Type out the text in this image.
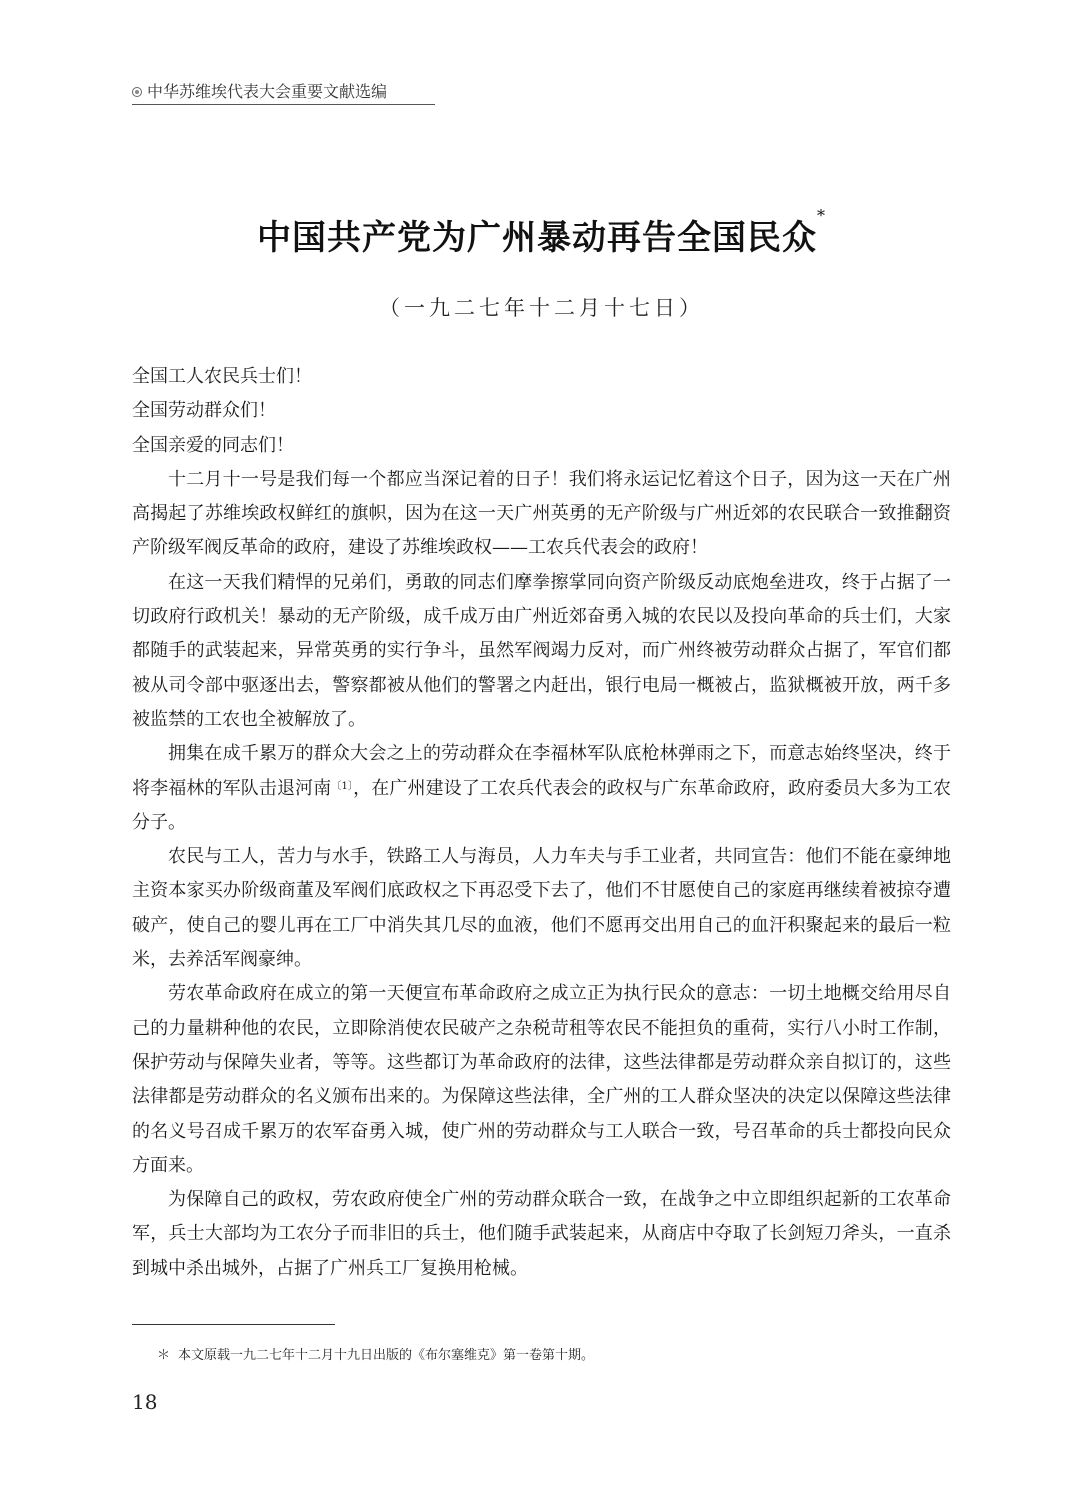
中华苏维埃代表大会重要文献选编
中国共产党为广州暴动再告全国民众*
（一九二七年十二月十七日）

全国工人农民兵士们！

全国劳动群众们！

全国亲爱的同志们！

十二月十一号是我们每一个都应当深记着的日子！我们将永运记忆着这个日子，因为这一天在广州高揭起了苏维埃政权鲜红的旗帜，因为在这一天广州英勇的无产阶级与广州近郊的农民联合一致推翻资产阶级军阀反革命的政府，建设了苏维埃政权——工农兵代表会的政府！

在这一天我们精悍的兄弟们，勇敢的同志们摩拳擦掌同向资产阶级反动底炮垒进攻，终于占据了一切政府行政机关！暴动的无产阶级，成千成万由广州近郊奋勇入城的农民以及投向革命的兵士们，大家都随手的武装起来，异常英勇的实行争斗，虽然军阀竭力反对，而广州终被劳动群众占据了，军官们都被从司令部中驱逐出去，警察都被从他们的警署之内赶出，银行电局一概被占，监狱概被开放，两千多被监禁的工农也全被解放了。

拥集在成千累万的群众大会之上的劳动群众在李福林军队底枪林弹雨之下，而意志始终坚决，终于将李福林的军队击退河南$^{〔1〕}$，在广州建设了工农兵代表会的政权与广东革命政府，政府委员大多为工农分子。

农民与工人，苦力与水手，铁路工人与海员，人力车夫与手工业者，共同宣告：他们不能在豪绅地主资本家买办阶级商董及军阀们底政权之下再忍受下去了，他们不甘愿使自己的家庭再继续着被掠夺遭破产，使自己的婴儿再在工厂中消失其几尽的血液，他们不愿再交出用自己的血汗积聚起来的最后一粒米，去养活军阀豪绅。

劳农革命政府在成立的第一天便宣布革命政府之成立正为执行民众的意志：一切土地概交给用尽自己的力量耕种他的农民，立即除消使农民破产之杂税苛租等农民不能担负的重荷，实行八小时工作制，保护劳动与保障失业者，等等。这些都订为革命政府的法律，这些法律都是劳动群众亲自拟订的，这些法律都是劳动群众的名义颁布出来的。为保障这些法律，全广州的工人群众坚决的决定以保障这些法律的名义号召成千累万的农军奋勇入城，使广州的劳动群众与工人联合一致，号召革命的兵士都投向民众方面来。

为保障自己的政权，劳农政府使全广州的劳动群众联合一致，在战争之中立即组织起新的工农革命军，兵士大部均为工农分子而非旧的兵士，他们随手武装起来，从商店中夺取了长剑短刀斧头，一直杀到城中杀出城外，占据了广州兵工厂复换用枪械。

＊ 本文原载一九二七年十二月十九日出版的《布尔塞维克》第一卷第十期。
18
